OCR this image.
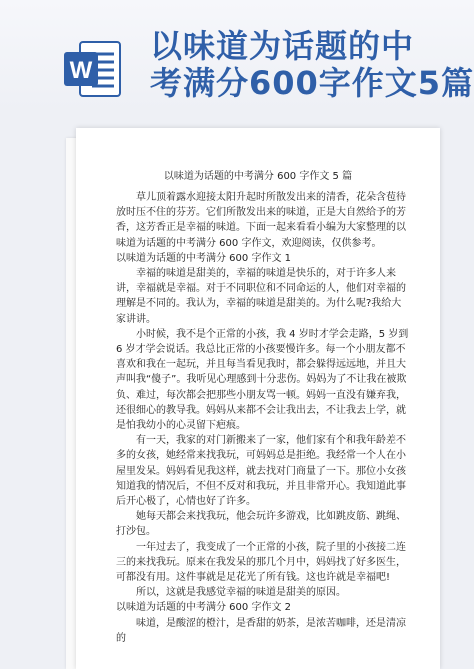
W
以味道为话题的中
考满分600字作文5篇
以味道为话题的中考满分 600 字作文 5 篇

草儿顶着露水迎接太阳升起时所散发出来的清香，花朵含苞待放时压不住的芬芳。它们所散发出来的味道，正是大自然给予的芳香，这芳香正是幸福的味道。下面一起来看看小编为大家整理的以味道为话题的中考满分 600 字作文，欢迎阅读，仅供参考。

以味道为话题的中考满分 600 字作文 1

幸福的味道是甜美的，幸福的味道是快乐的，对于许多人来讲，幸福就是幸福。对于不同职位和不同命运的人，他们对幸福的理解是不同的。我认为，幸福的味道是甜美的。为什么呢?我给大家讲讲。

小时候，我不是个正常的小孩，我 4 岁时才学会走路，5 岁到 6 岁才学会说话。我总比正常的小孩要慢许多。每一个小朋友都不喜欢和我在一起玩，并且每当看见我时，都会躲得远远地，并且大声叫我“傻子”。我听见心理感到十分悲伤。妈妈为了不让我在被欺负、难过，每次都会把那些小朋友骂一顿。妈妈一直没有嫌弃我，还很细心的教导我。妈妈从来都不会让我出去，不让我去上学，就是怕我幼小的心灵留下疤痕。

有一天，我家的对门新搬来了一家，他们家有个和我年龄差不多的女孩，她经常来找我玩，可妈妈总是拒绝。我经常一个人在小屋里发呆。妈妈看见我这样，就去找对门商量了一下。那位小女孩知道我的情况后，不但不反对和我玩，并且非常开心。我知道此事后开心极了，心情也好了许多。

她每天都会来找我玩，他会玩许多游戏，比如跳皮筋、跳绳、打沙包。

一年过去了，我变成了一个正常的小孩，院子里的小孩接二连三的来找我玩。原来在我发呆的那几个月中，妈妈找了好多医生，可都没有用。这件事就是足花光了所有钱。这也许就是幸福吧!

所以，这就是我感觉幸福的味道是甜美的原因。

以味道为话题的中考满分 600 字作文 2

味道，是酸涩的橙汁，是香甜的奶茶，是浓苦咖啡，还是清凉的
